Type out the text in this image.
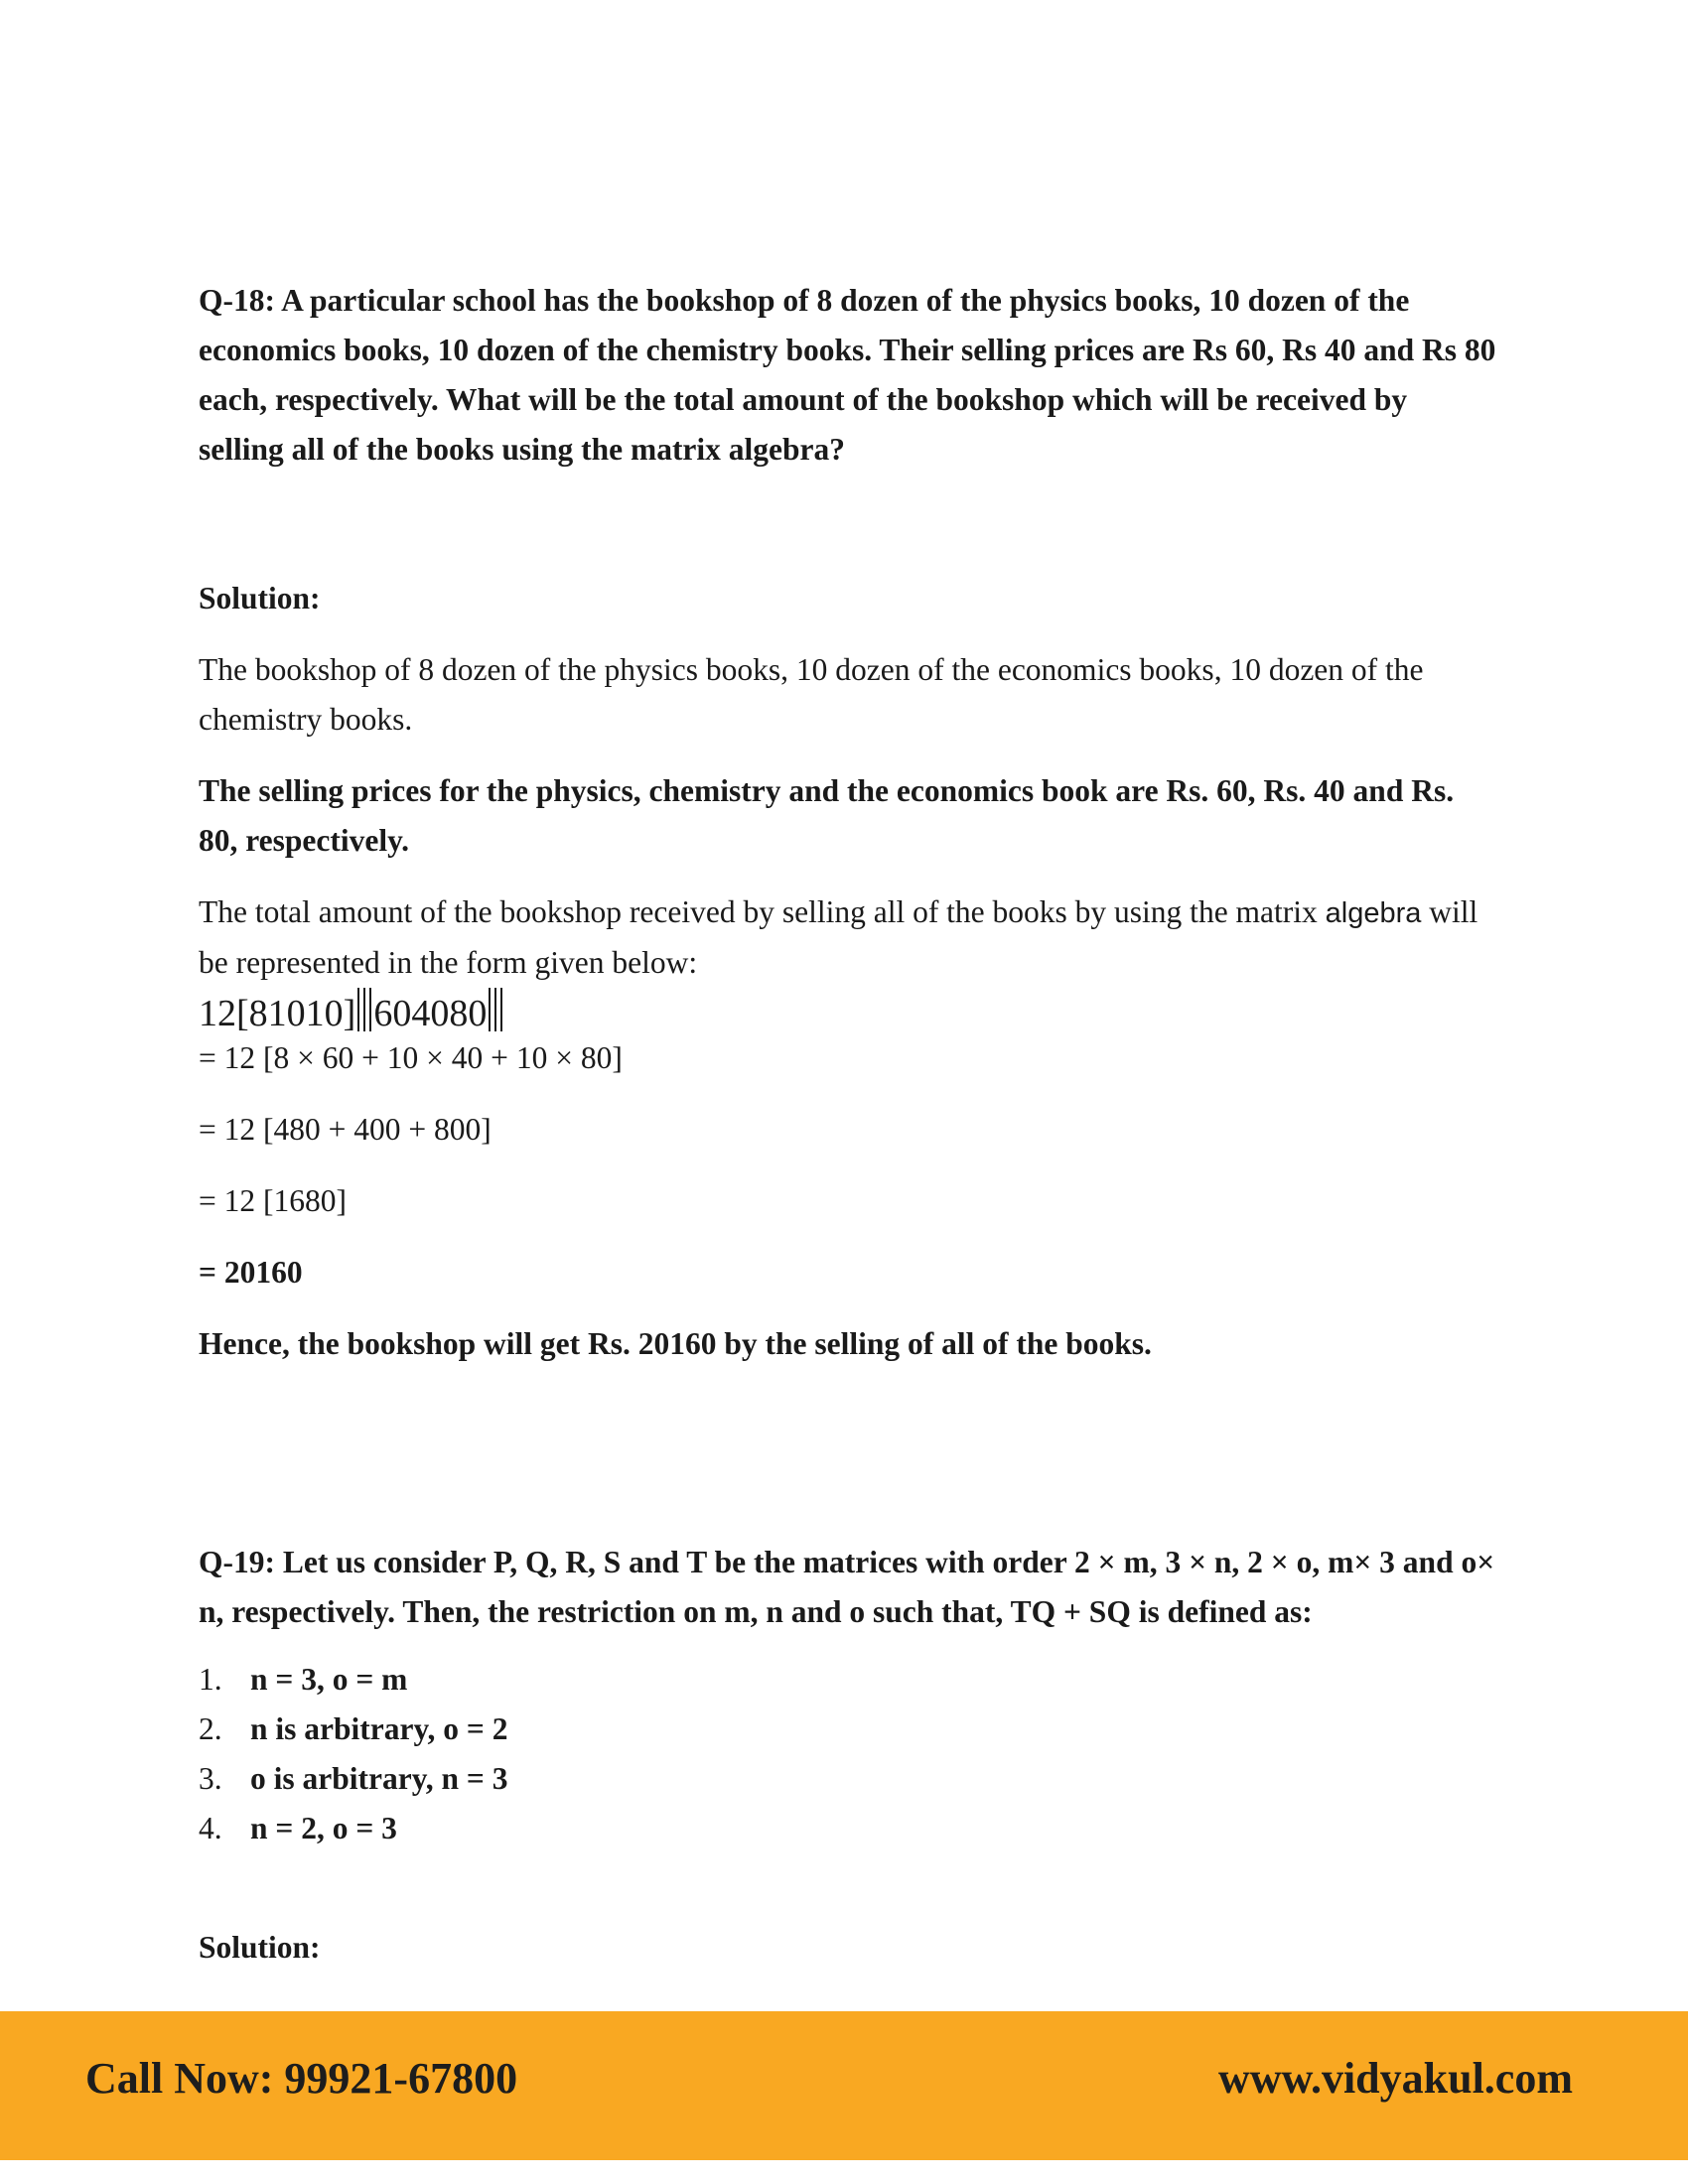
Q-18: A particular school has the bookshop of 8 dozen of the physics books, 10 dozen of the economics books, 10 dozen of the chemistry books. Their selling prices are Rs 60, Rs 40 and Rs 80 each, respectively. What will be the total amount of the bookshop which will be received by selling all of the books using the matrix algebra?

Solution:

The bookshop of 8 dozen of the physics books, 10 dozen of the economics books, 10 dozen of the chemistry books.

The selling prices for the physics, chemistry and the economics book are Rs. 60, Rs. 40 and Rs. 80, respectively.

The total amount of the bookshop received by selling all of the books by using the matrix algebra will be represented in the form given below:

12[81010] 604080

= 12 [8 × 60 + 10 × 40 + 10 × 80]

= 12 [480 + 400 + 800]

= 12 [1680]

= 20160

Hence, the bookshop will get Rs. 20160 by the selling of all of the books.

Q-19: Let us consider P, Q, R, S and T be the matrices with order 2 × m, 3 × n, 2 × o, m× 3 and o× n, respectively. Then, the restriction on m, n and o such that, TQ + SQ is defined as:

1. n = 3, o = m
2. n is arbitrary, o = 2
3. o is arbitrary, n = 3
4. n = 2, o = 3

Solution:

Call Now: 99921-67800	www.vidyakul.com
